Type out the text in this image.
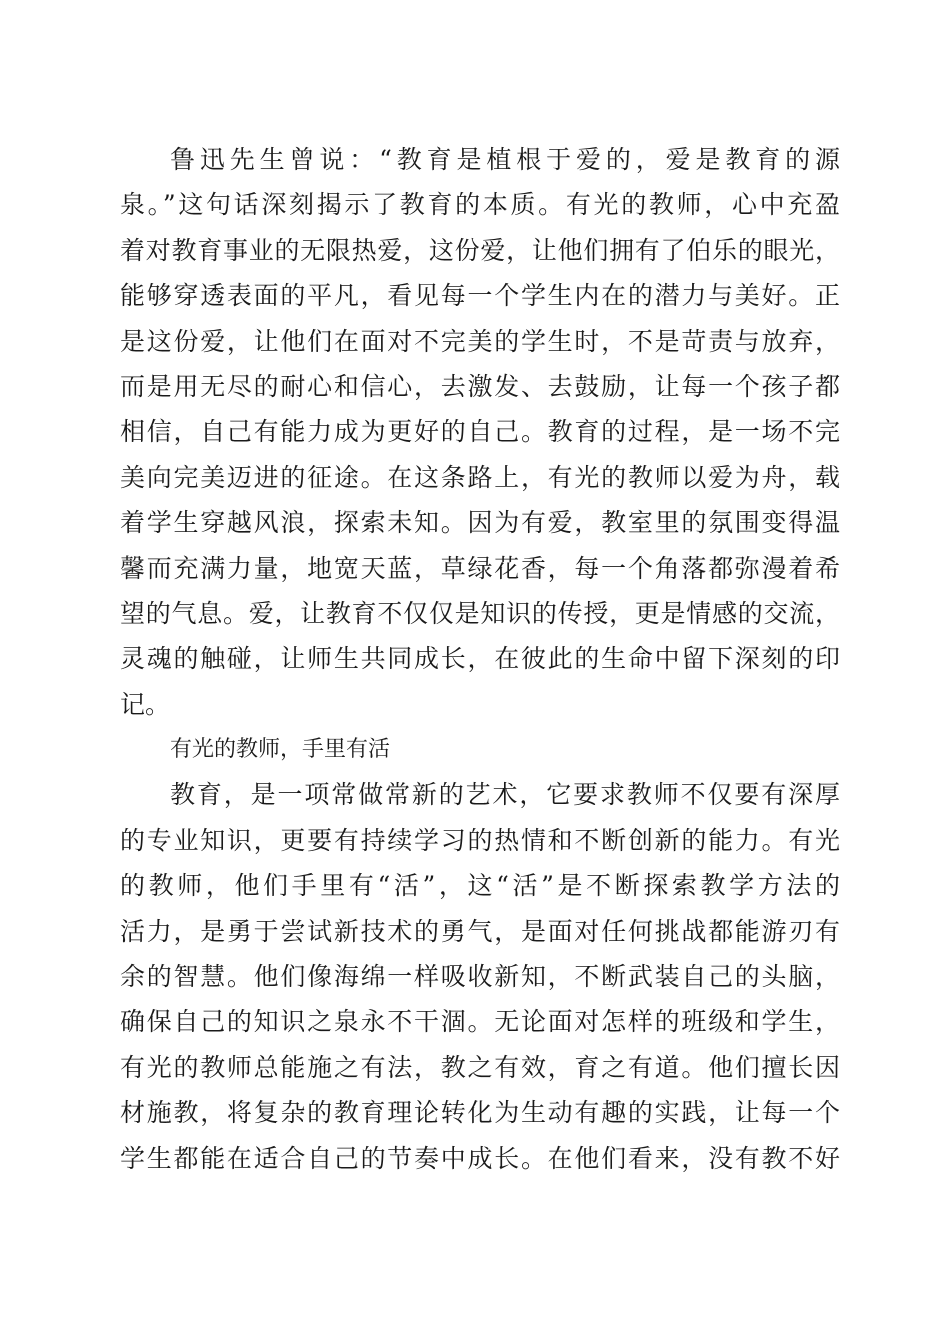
鲁迅先生曾说：“教育是植根于爱的，爱是教育的源
泉。”这句话深刻揭示了教育的本质。有光的教师，心中充盈
着对教育事业的无限热爱，这份爱，让他们拥有了伯乐的眼光，
能够穿透表面的平凡，看见每一个学生内在的潜力与美好。正
是这份爱，让他们在面对不完美的学生时，不是苛责与放弃，
而是用无尽的耐心和信心，去激发、去鼓励，让每一个孩子都
相信，自己有能力成为更好的自己。教育的过程，是一场不完
美向完美迈进的征途。在这条路上，有光的教师以爱为舟，载
着学生穿越风浪，探索未知。因为有爱，教室里的氛围变得温
馨而充满力量，地宽天蓝，草绿花香，每一个角落都弥漫着希
望的气息。爱，让教育不仅仅是知识的传授，更是情感的交流，
灵魂的触碰，让师生共同成长，在彼此的生命中留下深刻的印
记。
有光的教师，手里有活
教育，是一项常做常新的艺术，它要求教师不仅要有深厚
的专业知识，更要有持续学习的热情和不断创新的能力。有光
的教师，他们手里有“活”，这“活”是不断探索教学方法的
活力，是勇于尝试新技术的勇气，是面对任何挑战都能游刃有
余的智慧。他们像海绵一样吸收新知，不断武装自己的头脑，
确保自己的知识之泉永不干涸。无论面对怎样的班级和学生，
有光的教师总能施之有法，教之有效，育之有道。他们擅长因
材施教，将复杂的教育理论转化为生动有趣的实践，让每一个
学生都能在适合自己的节奏中成长。在他们看来，没有教不好
